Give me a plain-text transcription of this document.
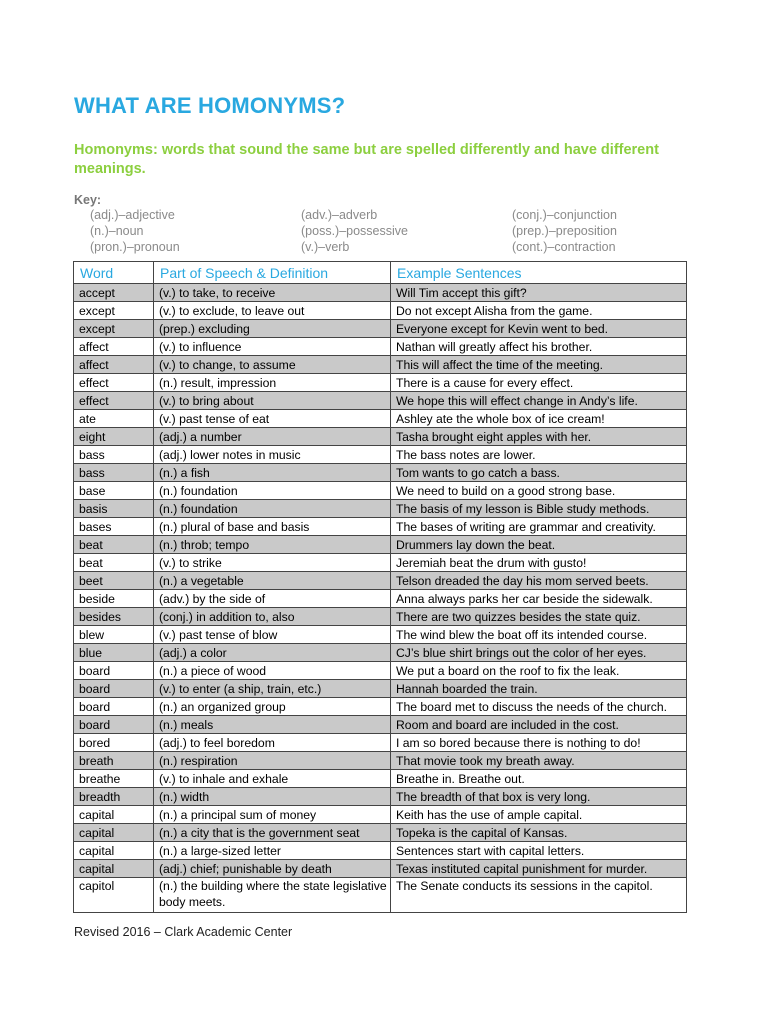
WHAT ARE HOMONYMS?
Homonyms: words that sound the same but are spelled differently and have different meanings.
Key:
(adj.)–adjective	(adv.)–adverb	(conj.)–conjunction
(n.)–noun	(poss.)–possessive	(prep.)–preposition
(pron.)–pronoun	(v.)–verb	(cont.)–contraction
Word	Part of Speech & Definition	Example Sentences
accept	(v.) to take, to receive	Will Tim accept this gift?
except	(v.) to exclude, to leave out	Do not except Alisha from the game.
except	(prep.) excluding	Everyone except for Kevin went to bed.
affect	(v.) to influence	Nathan will greatly affect his brother.
affect	(v.) to change, to assume	This will affect the time of the meeting.
effect	(n.) result, impression	There is a cause for every effect.
effect	(v.) to bring about	We hope this will effect change in Andy’s life.
ate	(v.) past tense of eat	Ashley ate the whole box of ice cream!
eight	(adj.) a number	Tasha brought eight apples with her.
bass	(adj.) lower notes in music	The bass notes are lower.
bass	(n.) a fish	Tom wants to go catch a bass.
base	(n.) foundation	We need to build on a good strong base.
basis	(n.) foundation	The basis of my lesson is Bible study methods.
bases	(n.) plural of base and basis	The bases of writing are grammar and creativity.
beat	(n.) throb; tempo	Drummers lay down the beat.
beat	(v.) to strike	Jeremiah beat the drum with gusto!
beet	(n.) a vegetable	Telson dreaded the day his mom served beets.
beside	(adv.) by the side of	Anna always parks her car beside the sidewalk.
besides	(conj.) in addition to, also	There are two quizzes besides the state quiz.
blew	(v.) past tense of blow	The wind blew the boat off its intended course.
blue	(adj.) a color	CJ’s blue shirt brings out the color of her eyes.
board	(n.) a piece of wood	We put a board on the roof to fix the leak.
board	(v.) to enter (a ship, train, etc.)	Hannah boarded the train.
board	(n.) an organized group	The board met to discuss the needs of the church.
board	(n.) meals	Room and board are included in the cost.
bored	(adj.) to feel boredom	I am so bored because there is nothing to do!
breath	(n.) respiration	That movie took my breath away.
breathe	(v.) to inhale and exhale	Breathe in. Breathe out.
breadth	(n.) width	The breadth of that box is very long.
capital	(n.) a principal sum of money	Keith has the use of ample capital.
capital	(n.) a city that is the government seat	Topeka is the capital of Kansas.
capital	(n.) a large-sized letter	Sentences start with capital letters.
capital	(adj.) chief; punishable by death	Texas instituted capital punishment for murder.
capitol	(n.) the building where the state legislative body meets.	The Senate conducts its sessions in the capitol.
Revised 2016 – Clark Academic Center
